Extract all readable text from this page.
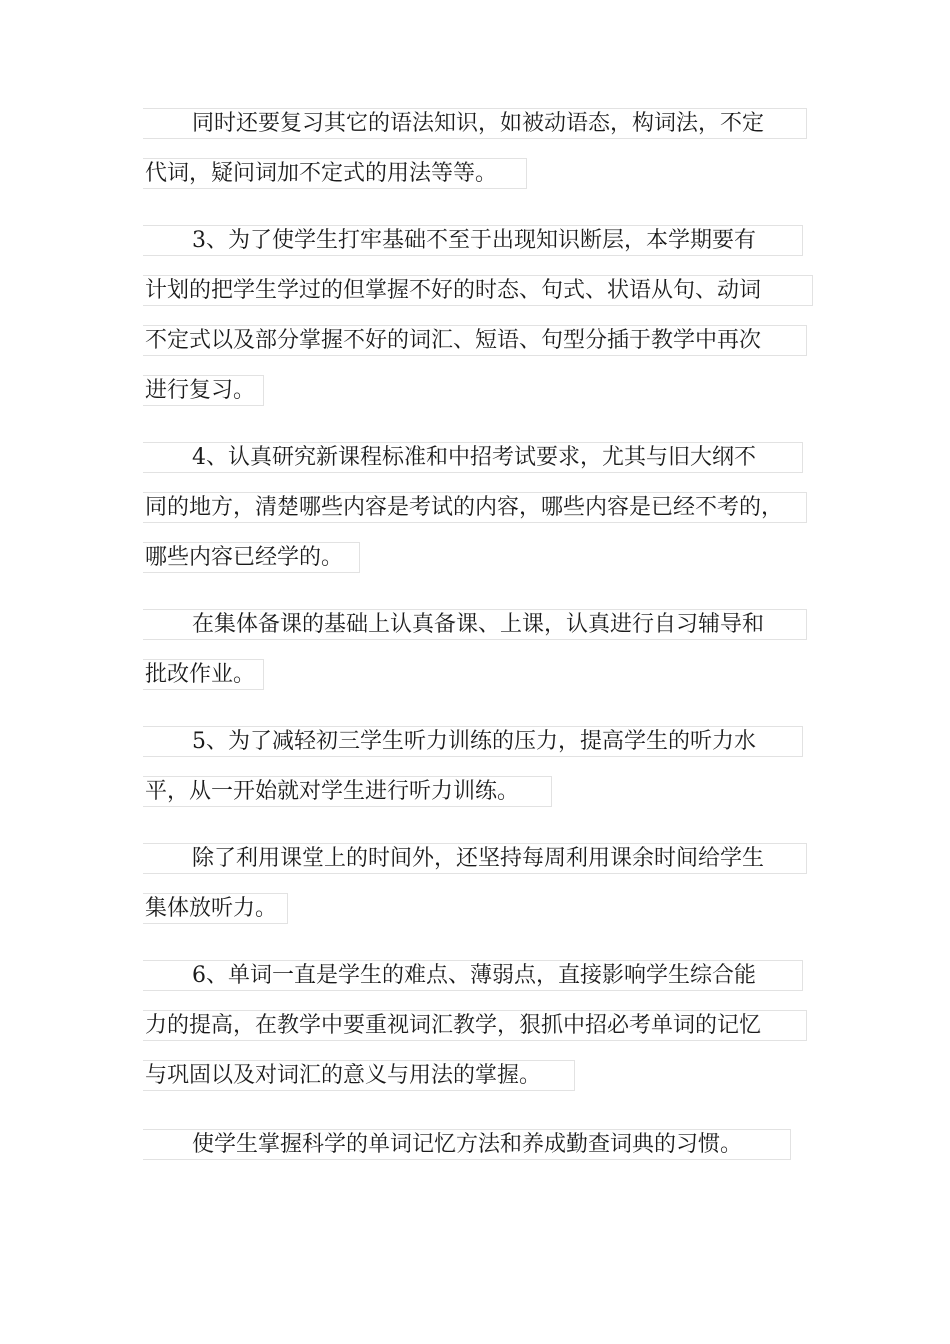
同时还要复习其它的语法知识，如被动语态，构词法，不定
代词，疑问词加不定式的用法等等。
3、为了使学生打牢基础不至于出现知识断层，本学期要有
计划的把学生学过的但掌握不好的时态、句式、状语从句、动词
不定式以及部分掌握不好的词汇、短语、句型分插于教学中再次
进行复习。
4、认真研究新课程标准和中招考试要求，尤其与旧大纲不
同的地方，清楚哪些内容是考试的内容，哪些内容是已经不考的，
哪些内容已经学的。
在集体备课的基础上认真备课、上课，认真进行自习辅导和
批改作业。
5、为了减轻初三学生听力训练的压力，提高学生的听力水
平，从一开始就对学生进行听力训练。
除了利用课堂上的时间外，还坚持每周利用课余时间给学生
集体放听力。
6、单词一直是学生的难点、薄弱点，直接影响学生综合能
力的提高，在教学中要重视词汇教学，狠抓中招必考单词的记忆
与巩固以及对词汇的意义与用法的掌握。
使学生掌握科学的单词记忆方法和养成勤查词典的习惯。
